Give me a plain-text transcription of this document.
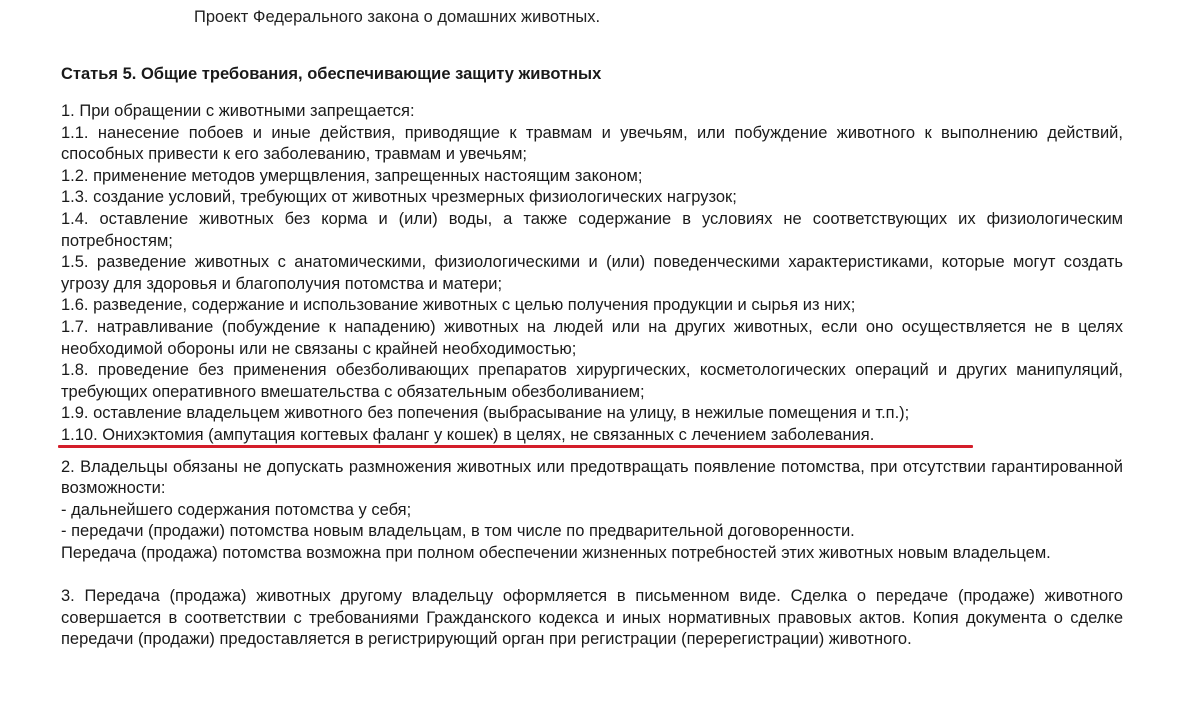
Проект Федерального закона о домашних животных.

Статья 5. Общие требования, обеспечивающие защиту животных

1. При обращении с животными запрещается:
1.1. нанесение побоев и иные действия, приводящие к травмам и увечьям, или побуждение животного к выполнению действий, способных привести к его заболеванию, травмам и увечьям;
1.2. применение методов умерщвления, запрещенных настоящим законом;
1.3. создание условий, требующих от животных чрезмерных физиологических нагрузок;
1.4. оставление животных без корма и (или) воды, а также содержание в условиях не соответствующих их физиологическим потребностям;
1.5. разведение животных с анатомическими, физиологическими и (или) поведенческими характеристиками, которые могут создать угрозу для здоровья и благополучия потомства и матери;
1.6. разведение, содержание и использование животных с целью получения продукции и сырья из них;
1.7. натравливание (побуждение к нападению) животных на людей или на других животных, если оно осуществляется не в целях необходимой обороны или не связаны с крайней необходимостью;
1.8. проведение без применения обезболивающих препаратов хирургических, косметологических операций и других манипуляций, требующих оперативного вмешательства с обязательным обезболиванием;
1.9. оставление владельцем животного без попечения (выбрасывание на улицу, в нежилые помещения и т.п.);
1.10. Онихэктомия (ампутация когтевых фаланг у кошек) в целях, не связанных с лечением заболевания.
2. Владельцы обязаны не допускать размножения животных или предотвращать появление потомства, при отсутствии гарантированной возможности:
- дальнейшего содержания потомства у себя;
- передачи (продажи) потомства новым владельцам, в том числе по предварительной договоренности.
Передача (продажа) потомства возможна при полном обеспечении жизненных потребностей этих животных новым владельцем.
3. Передача (продажа) животных другому владельцу оформляется в письменном виде. Сделка о передаче (продаже) животного совершается в соответствии с требованиями Гражданского кодекса и иных нормативных правовых актов. Копия документа о сделке передачи (продажи) предоставляется в регистрирующий орган при регистрации (перерегистрации) животного.
